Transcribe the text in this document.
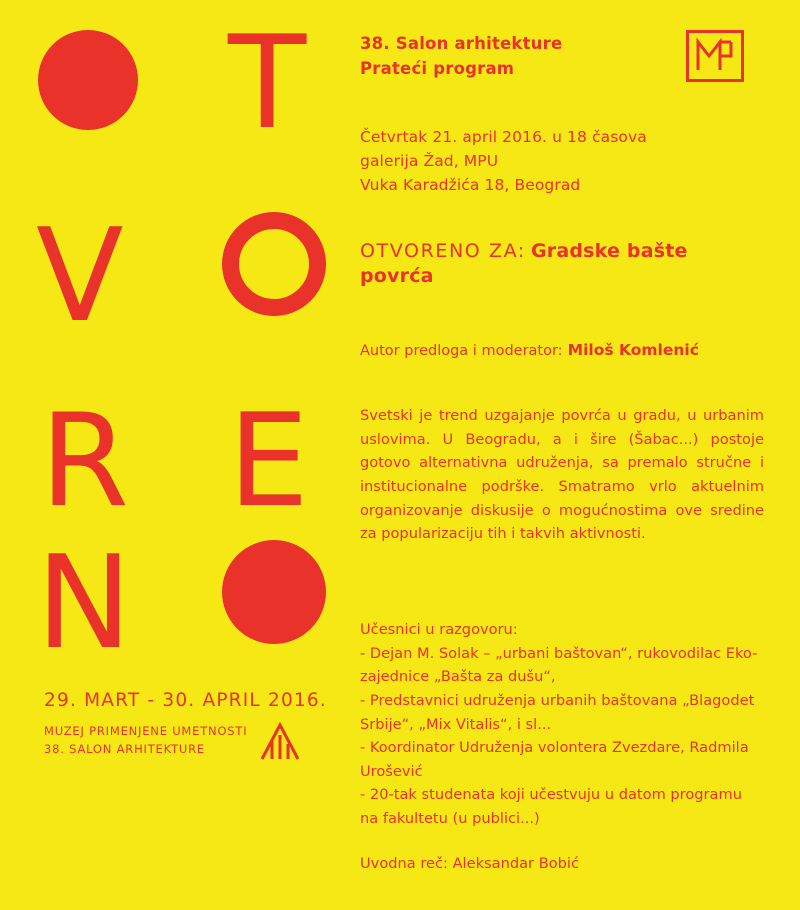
V
R
N
T
E
29. MART - 30. APRIL 2016.
MUZEJ PRIMENJENE UMETNOSTI
38. SALON ARHITEKTURE
38. Salon arhitekture
Prateći program
Četvrtak 21. april 2016. u 18 časova
galerija Žad, MPU
Vuka Karadžića 18, Beograd
OTVORENO ZA: Gradske bašte
povrća
Autor predloga i moderator: Miloš Komlenić
Svetski je trend uzgajanje povrća u gradu, u urbanim uslovima. U Beogradu, a i šire (Šabac...) postoje gotovo alternativna udruženja, sa premalo stručne i institucionalne podrške. Smatramo vrlo aktuelnim organizovanje diskusije o mogućnostima ove sredine za popularizaciju tih i takvih aktivnosti.
Učesnici u razgovoru:
- Dejan M. Solak – „urbani baštovan“, rukovodilac Eko-zajednice „Bašta za dušu“,
- Predstavnici udruženja urbanih baštovana „Blagodet Srbije“, „Mix Vitalis“, i sl...
- Koordinator Udruženja volontera Zvezdare, Radmila Urošević
- 20-tak studenata koji učestvuju u datom programu na fakultetu (u publici...)
Uvodna reč: Aleksandar Bobić
